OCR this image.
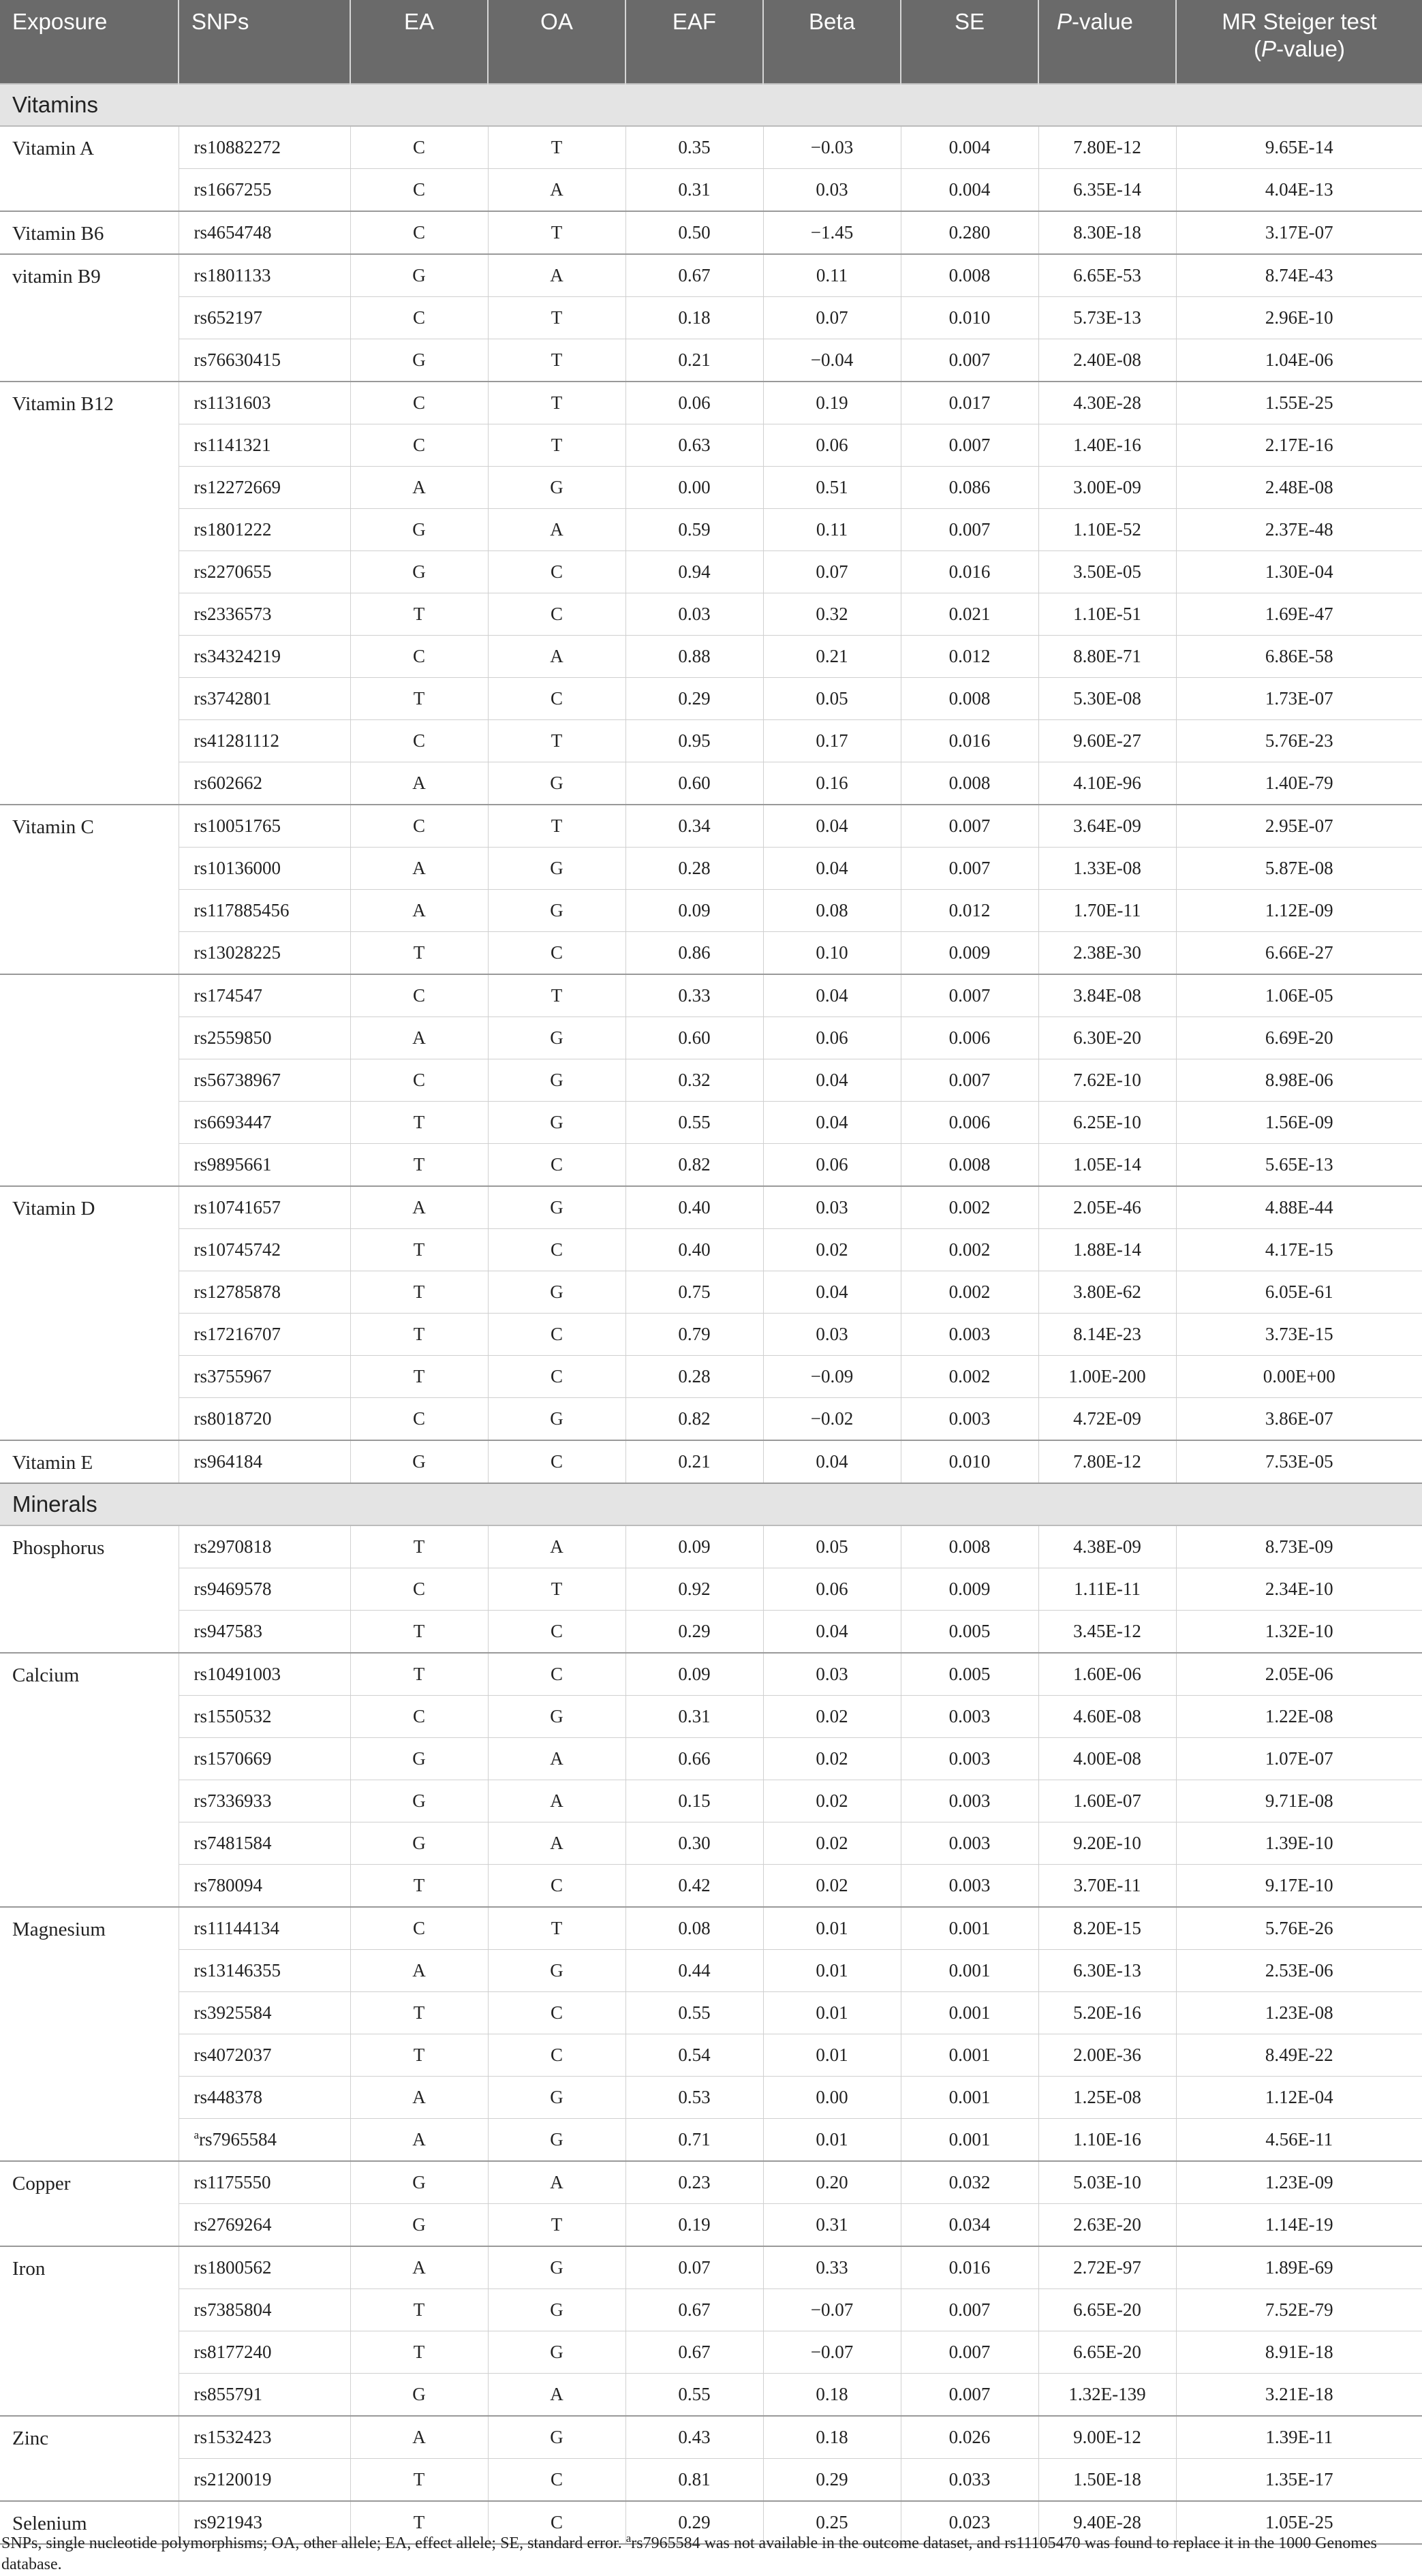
Exposure	SNPs	EA	OA	EAF	Beta	SE	P-value	MR Steiger test
(P-value)
Vitamins								
Vitamin A	rs10882272	C	T	0.35	−0.03	0.004	7.80E-12	9.65E-14
	rs1667255	C	A	0.31	0.03	0.004	6.35E-14	4.04E-13
Vitamin B6	rs4654748	C	T	0.50	−1.45	0.280	8.30E-18	3.17E-07
vitamin B9	rs1801133	G	A	0.67	0.11	0.008	6.65E-53	8.74E-43
	rs652197	C	T	0.18	0.07	0.010	5.73E-13	2.96E-10
	rs76630415	G	T	0.21	−0.04	0.007	2.40E-08	1.04E-06
Vitamin B12	rs1131603	C	T	0.06	0.19	0.017	4.30E-28	1.55E-25
	rs1141321	C	T	0.63	0.06	0.007	1.40E-16	2.17E-16
	rs12272669	A	G	0.00	0.51	0.086	3.00E-09	2.48E-08
	rs1801222	G	A	0.59	0.11	0.007	1.10E-52	2.37E-48
	rs2270655	G	C	0.94	0.07	0.016	3.50E-05	1.30E-04
	rs2336573	T	C	0.03	0.32	0.021	1.10E-51	1.69E-47
	rs34324219	C	A	0.88	0.21	0.012	8.80E-71	6.86E-58
	rs3742801	T	C	0.29	0.05	0.008	5.30E-08	1.73E-07
	rs41281112	C	T	0.95	0.17	0.016	9.60E-27	5.76E-23
	rs602662	A	G	0.60	0.16	0.008	4.10E-96	1.40E-79
Vitamin C	rs10051765	C	T	0.34	0.04	0.007	3.64E-09	2.95E-07
	rs10136000	A	G	0.28	0.04	0.007	1.33E-08	5.87E-08
	rs117885456	A	G	0.09	0.08	0.012	1.70E-11	1.12E-09
	rs13028225	T	C	0.86	0.10	0.009	2.38E-30	6.66E-27
	rs174547	C	T	0.33	0.04	0.007	3.84E-08	1.06E-05
	rs2559850	A	G	0.60	0.06	0.006	6.30E-20	6.69E-20
	rs56738967	C	G	0.32	0.04	0.007	7.62E-10	8.98E-06
	rs6693447	T	G	0.55	0.04	0.006	6.25E-10	1.56E-09
	rs9895661	T	C	0.82	0.06	0.008	1.05E-14	5.65E-13
Vitamin D	rs10741657	A	G	0.40	0.03	0.002	2.05E-46	4.88E-44
	rs10745742	T	C	0.40	0.02	0.002	1.88E-14	4.17E-15
	rs12785878	T	G	0.75	0.04	0.002	3.80E-62	6.05E-61
	rs17216707	T	C	0.79	0.03	0.003	8.14E-23	3.73E-15
	rs3755967	T	C	0.28	−0.09	0.002	1.00E-200	0.00E+00
	rs8018720	C	G	0.82	−0.02	0.003	4.72E-09	3.86E-07
Vitamin E	rs964184	G	C	0.21	0.04	0.010	7.80E-12	7.53E-05
Minerals								
Phosphorus	rs2970818	T	A	0.09	0.05	0.008	4.38E-09	8.73E-09
	rs9469578	C	T	0.92	0.06	0.009	1.11E-11	2.34E-10
	rs947583	T	C	0.29	0.04	0.005	3.45E-12	1.32E-10
Calcium	rs10491003	T	C	0.09	0.03	0.005	1.60E-06	2.05E-06
	rs1550532	C	G	0.31	0.02	0.003	4.60E-08	1.22E-08
	rs1570669	G	A	0.66	0.02	0.003	4.00E-08	1.07E-07
	rs7336933	G	A	0.15	0.02	0.003	1.60E-07	9.71E-08
	rs7481584	G	A	0.30	0.02	0.003	9.20E-10	1.39E-10
	rs780094	T	C	0.42	0.02	0.003	3.70E-11	9.17E-10
Magnesium	rs11144134	C	T	0.08	0.01	0.001	8.20E-15	5.76E-26
	rs13146355	A	G	0.44	0.01	0.001	6.30E-13	2.53E-06
	rs3925584	T	C	0.55	0.01	0.001	5.20E-16	1.23E-08
	rs4072037	T	C	0.54	0.01	0.001	2.00E-36	8.49E-22
	rs448378	A	G	0.53	0.00	0.001	1.25E-08	1.12E-04
	$^a$rs7965584	A	G	0.71	0.01	0.001	1.10E-16	4.56E-11
Copper	rs1175550	G	A	0.23	0.20	0.032	5.03E-10	1.23E-09
	rs2769264	G	T	0.19	0.31	0.034	2.63E-20	1.14E-19
Iron	rs1800562	A	G	0.07	0.33	0.016	2.72E-97	1.89E-69
	rs7385804	T	G	0.67	−0.07	0.007	6.65E-20	7.52E-79
	rs8177240	T	G	0.67	−0.07	0.007	6.65E-20	8.91E-18
	rs855791	G	A	0.55	0.18	0.007	1.32E-139	3.21E-18
Zinc	rs1532423	A	G	0.43	0.18	0.026	9.00E-12	1.39E-11
	rs2120019	T	C	0.81	0.29	0.033	1.50E-18	1.35E-17
Selenium	rs921943	T	C	0.29	0.25	0.023	9.40E-28	1.05E-25
SNPs, single nucleotide polymorphisms; OA, other allele; EA, effect allele; SE, standard error. $^a$rs7965584 was not available in the outcome dataset, and rs11105470 was found to replace it in the 1000 Genomes database.
